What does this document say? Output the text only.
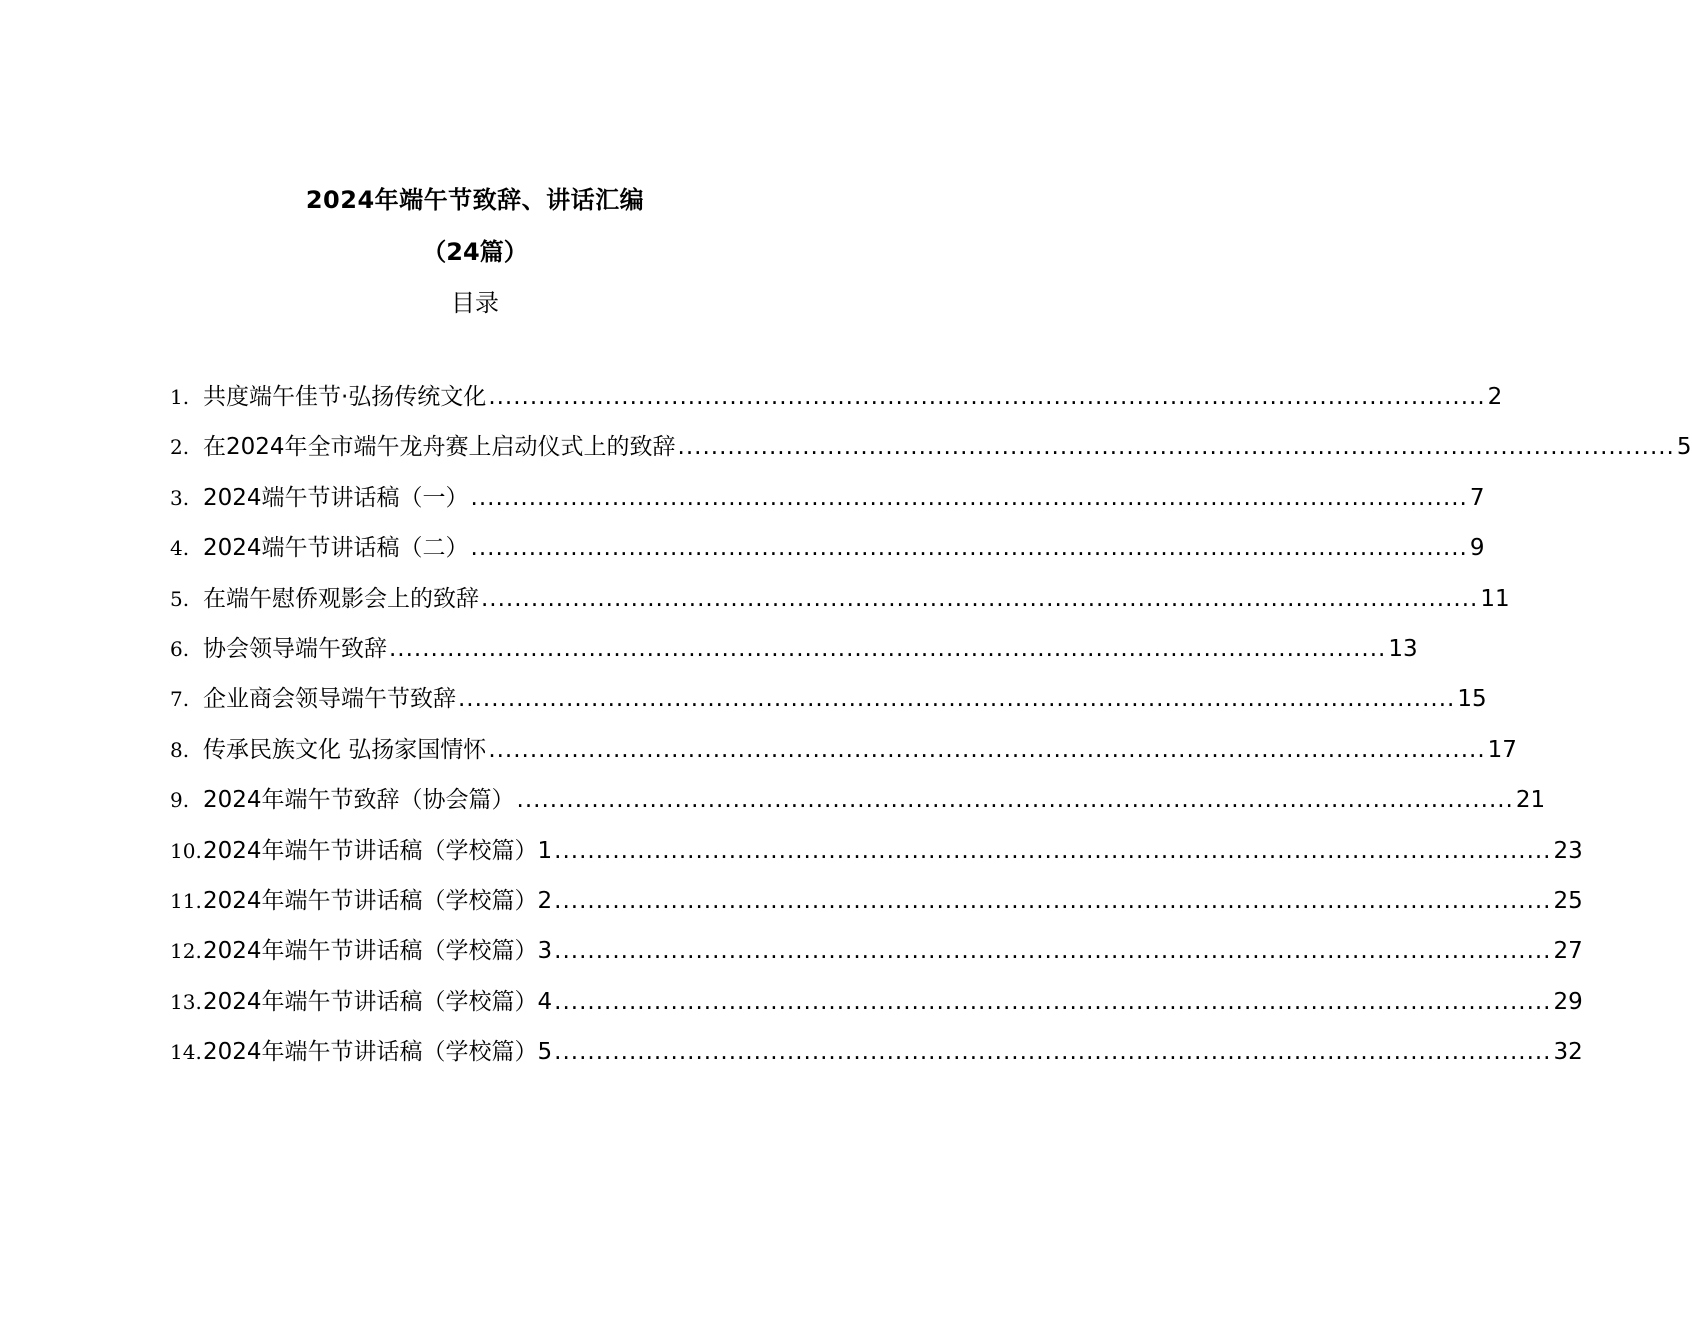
2024年端午节致辞、讲话汇编
（24篇）
目录
1. 共度端午佳节·弘扬传统文化 ........................................................................................................................ 2
2. 在2024年全市端午龙舟赛上启动仪式上的致辞 ........................................................................................................................ 5
3. 2024端午节讲话稿（一） ........................................................................................................................ 7
4. 2024端午节讲话稿（二） ........................................................................................................................ 9
5. 在端午慰侨观影会上的致辞 ........................................................................................................................ 11
6. 协会领导端午致辞 ........................................................................................................................ 13
7. 企业商会领导端午节致辞 ........................................................................................................................ 15
8. 传承民族文化 弘扬家国情怀 ........................................................................................................................ 17
9. 2024年端午节致辞（协会篇） ........................................................................................................................ 21
10. 2024年端午节讲话稿（学校篇）1 ........................................................................................................................ 23
11. 2024年端午节讲话稿（学校篇）2 ........................................................................................................................ 25
12. 2024年端午节讲话稿（学校篇）3 ........................................................................................................................ 27
13. 2024年端午节讲话稿（学校篇）4 ........................................................................................................................ 29
14. 2024年端午节讲话稿（学校篇）5 ........................................................................................................................ 32
